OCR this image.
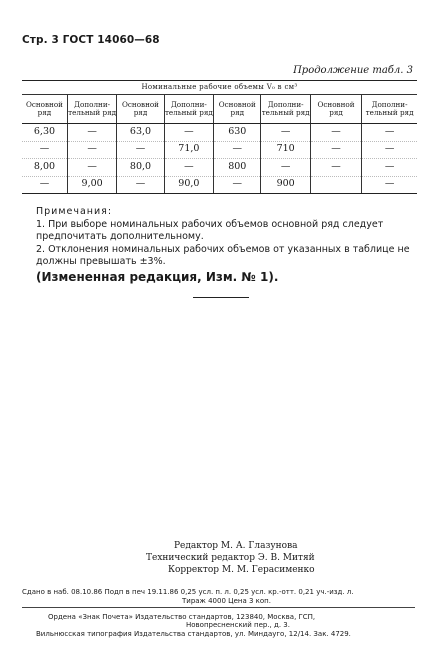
Стр. 3 ГОСТ 14060—68
Продолжение табл. 3
Номинальные рабочие объемы V₀ в см³							
Основной ряд	Дополни-тельный ряд	Основной ряд	Дополни-тельный ряд	Основной ряд	Дополни-тельный ряд	Основной ряд	Дополни-тельный ряд
6,30	—	63,0	—	630	—	—	—
—	—	—	71,0	—	710	—	—
8,00	—	80,0	—	800	—	—	—
—	9,00	—	90,0	—	900		—
Примечания:
1. При выборе номинальных рабочих объемов основной ряд следует предпочитать дополнительному.
2. Отклонения номинальных рабочих объемов от указанных в таблице не должны превышать ±3%.
(Измененная редакция, Изм. № 1).
Редактор М. А. Глазунова
Технический редактор Э. В. Митяй
Корректор М. М. Герасименко
Сдано в наб. 08.10.86 Подп в печ 19.11.86 0,25 усл. п. л. 0,25 усл. кр.-отт. 0,21 уч.-изд. л.
Тираж 4000 Цена 3 коп.
Ордена «Знак Почета» Издательство стандартов, 123840, Москва, ГСП,
Новопресненский пер., д. 3.
Вильнюсская типография Издательства стандартов, ул. Миндауго, 12/14. Зак. 4729.
